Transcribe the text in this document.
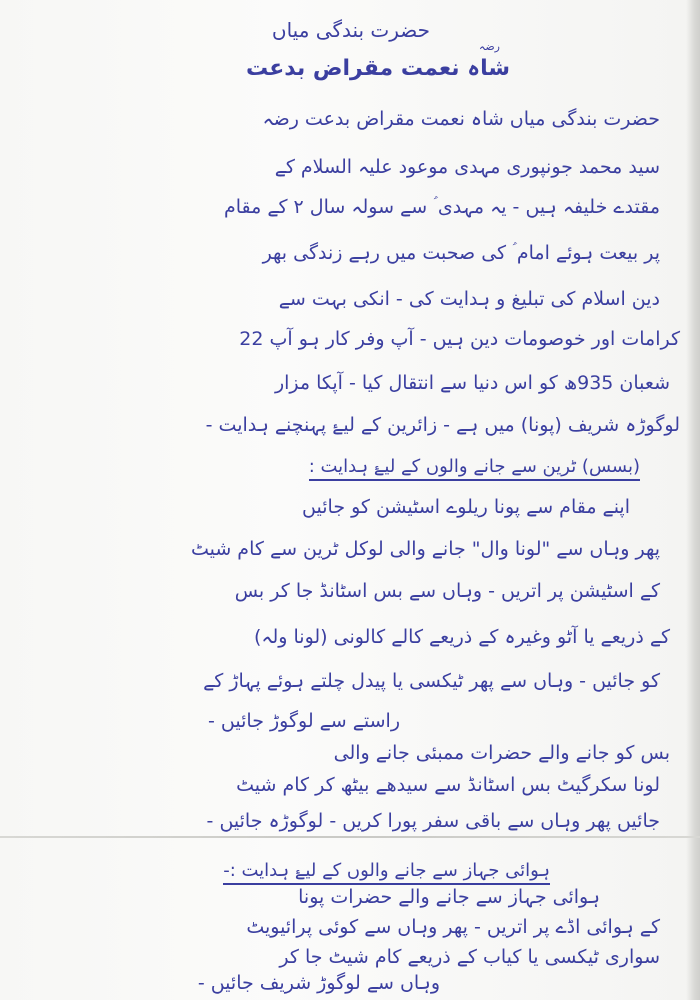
حضرت بندگی میاں
رضہ
شاہ نعمت مقراض بدعت
حضرت بندگی میاں شاہ نعمت مقراض بدعت رضہ
سید محمد جونپوری مہدی موعود علیہ السلام کے
مقتدے خلیفہ ہیں - یہ مہدی ؑ سے سولہ سال ۲ کے مقام
پر بیعت ہوئے امام ؑ کی صحبت میں رہے زندگی بھر
دین اسلام کی تبلیغ و ہدایت کی - انکی بہت سے
کرامات اور خوصومات دین ہیں - آپ وفر کار ہو آپ 22
شعبان 935ھ کو اس دنیا سے انتقال کیا - آپکا مزار
لوگوڑہ شریف (پونا) میں ہے - زائرین کے لیۓ پہنچنے ہدایت -
(بسس) ٹرین سے جانے والوں کے لیۓ ہدایت :
اپنے مقام سے پونا ریلوے اسٹیشن کو جائیں
پھر وہاں سے "لونا وال" جانے والی لوکل ٹرین سے کام شیٹ
کے اسٹیشن پر اتریں - وہاں سے بس اسٹانڈ جا کر بس
کے ذریعے یا آٹو وغیرہ کے ذریعے کالے کالونی (لونا ولہ)
کو جائیں - وہاں سے پھر ٹیکسی یا پیدل چلتے ہوئے پہاڑ کے
راستے سے لوگوڑ جائیں -
بس کو جانے والے حضرات ممبئی جانے والی
لونا سکرگیٹ بس اسٹانڈ سے سیدھے بیٹھ کر کام شیٹ
جائیں پھر وہاں سے باقی سفر پورا کریں - لوگوڑہ جائیں -
ہوائی جہاز سے جانے والوں کے لیۓ ہدایت :-
ہوائی جہاز سے جانے والے حضرات پونا
کے ہوائی اڈے پر اتریں - پھر وہاں سے کوئی پرائیویٹ
سواری ٹیکسی یا کیاب کے ذریعے کام شیٹ جا کر
وہاں سے لوگوڑ شریف جائیں -
